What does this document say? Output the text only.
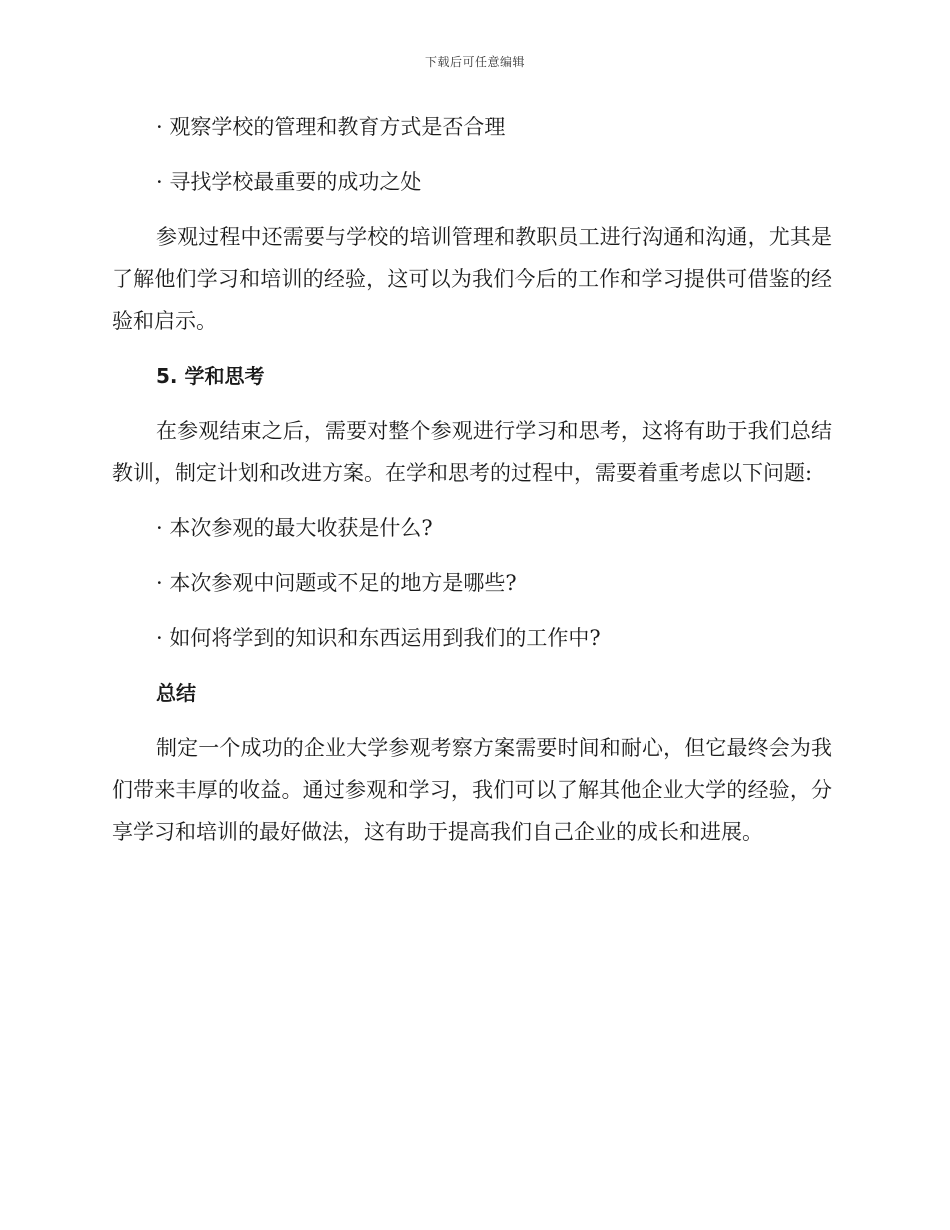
下载后可任意编辑

· 观察学校的管理和教育方式是否合理

· 寻找学校最重要的成功之处

参观过程中还需要与学校的培训管理和教职员工进行沟通和沟通，尤其是了解他们学习和培训的经验，这可以为我们今后的工作和学习提供可借鉴的经验和启示。

5. 学和思考

在参观结束之后，需要对整个参观进行学习和思考，这将有助于我们总结教训，制定计划和改进方案。在学和思考的过程中，需要着重考虑以下问题:

· 本次参观的最大收获是什么?

· 本次参观中问题或不足的地方是哪些?

· 如何将学到的知识和东西运用到我们的工作中?

总结

制定一个成功的企业大学参观考察方案需要时间和耐心，但它最终会为我们带来丰厚的收益。通过参观和学习，我们可以了解其他企业大学的经验，分享学习和培训的最好做法，这有助于提高我们自己企业的成长和进展。
